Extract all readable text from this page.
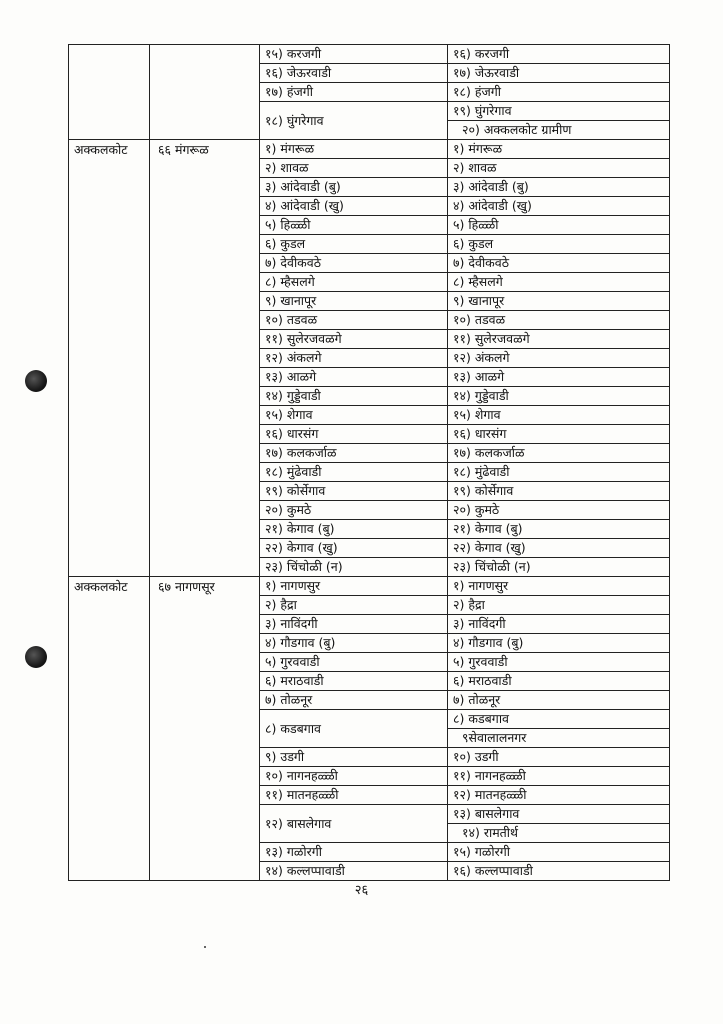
		१५) करजगी	१६) करजगी
		१६) जेऊरवाडी	१७) जेऊरवाडी
		१७) हंजगी	१८) हंजगी
		१८) घुंगरेगाव	१९) घुंगरेगाव
			२०) अक्कलकोट ग्रामीण
अक्कलकोट	६६ मंगरूळ	१) मंगरूळ	१) मंगरूळ
		२) शावळ	२) शावळ
		३) आंदेवाडी (बु)	३) आंदेवाडी (बु)
		४) आंदेवाडी (खु)	४) आंदेवाडी (खु)
		५) हिळ्ळी	५) हिळ्ळी
		६) कुडल	६) कुडल
		७) देवीकवठे	७) देवीकवठे
		८) म्हैसलगे	८) म्हैसलगे
		९) खानापूर	९) खानापूर
		१०) तडवळ	१०) तडवळ
		११) सुलेरजवळगे	११) सुलेरजवळगे
		१२) अंकलगे	१२) अंकलगे
		१३) आळगे	१३) आळगे
		१४) गुड्डेवाडी	१४) गुड्डेवाडी
		१५) शेगाव	१५) शेगाव
		१६) धारसंग	१६) धारसंग
		१७) कलकर्जाळ	१७) कलकर्जाळ
		१८) मुंढेवाडी	१८) मुंढेवाडी
		१९) कोर्सेगाव	१९) कोर्सेगाव
		२०) कुमठे	२०) कुमठे
		२१) केगाव (बु)	२१) केगाव (बु)
		२२) केगाव (खु)	२२) केगाव (खु)
		२३) चिंचोळी (न)	२३) चिंचोळी (न)
अक्कलकोट	६७ नागणसूर	१) नागणसुर	१) नागणसुर
		२) हैद्रा	२) हैद्रा
		३) नाविंदगी	३) नाविंदगी
		४) गौडगाव (बु)	४) गौडगाव (बु)
		५) गुरववाडी	५) गुरववाडी
		६) मराठवाडी	६) मराठवाडी
		७) तोळनूर	७) तोळनूर
		८) कडबगाव	८) कडबगाव
			९सेवालालनगर
		९) उडगी	१०) उडगी
		१०) नागनहळ्ळी	११) नागनहळ्ळी
		११) मातनहळ्ळी	१२) मातनहळ्ळी
		१२) बासलेगाव	१३) बासलेगाव
			१४) रामतीर्थ
		१३) गळोरगी	१५) गळोरगी
		१४) कल्लप्पावाडी	१६) कल्लप्पावाडी
२६
